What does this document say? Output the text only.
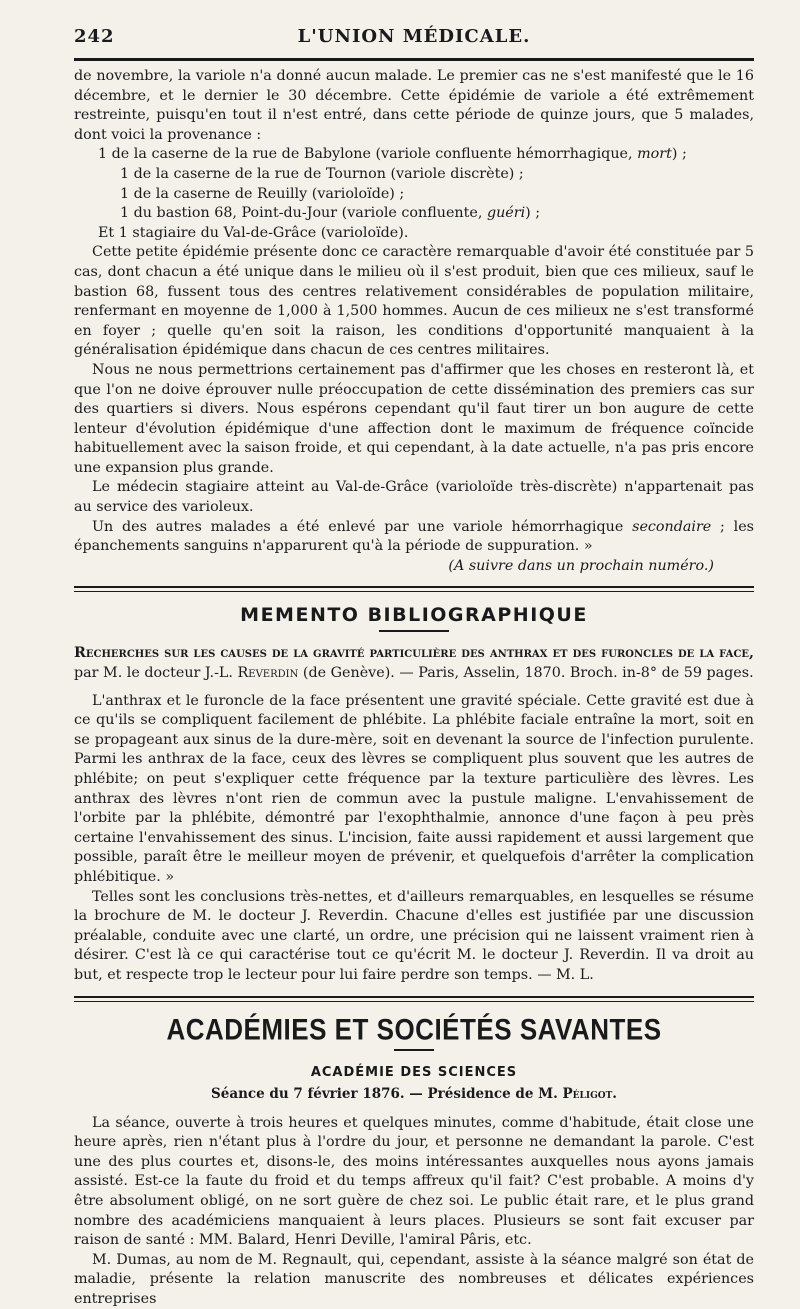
242	L'UNION MÉDICALE.

de novembre, la variole n'a donné aucun malade. Le premier cas ne s'est manifesté que le 16 décembre, et le dernier le 30 décembre. Cette épidémie de variole a été extrêmement restreinte, puisqu'en tout il n'est entré, dans cette période de quinze jours, que 5 malades, dont voici la provenance :

1 de la caserne de la rue de Babylone (variole confluente hémorrhagique, mort) ;

1 de la caserne de la rue de Tournon (variole discrète) ;

1 de la caserne de Reuilly (varioloïde) ;

1 du bastion 68, Point-du-Jour (variole confluente, guéri) ;

Et 1 stagiaire du Val-de-Grâce (varioloïde).

Cette petite épidémie présente donc ce caractère remarquable d'avoir été constituée par 5 cas, dont chacun a été unique dans le milieu où il s'est produit, bien que ces milieux, sauf le bastion 68, fussent tous des centres relativement considérables de population militaire, renfermant en moyenne de 1,000 à 1,500 hommes. Aucun de ces milieux ne s'est transformé en foyer ; quelle qu'en soit la raison, les conditions d'opportunité manquaient à la généralisation épidémique dans chacun de ces centres militaires.

Nous ne nous permettrions certainement pas d'affirmer que les choses en resteront là, et que l'on ne doive éprouver nulle préoccupation de cette dissémination des premiers cas sur des quartiers si divers. Nous espérons cependant qu'il faut tirer un bon augure de cette lenteur d'évolution épidémique d'une affection dont le maximum de fréquence coïncide habituellement avec la saison froide, et qui cependant, à la date actuelle, n'a pas pris encore une expansion plus grande.

Le médecin stagiaire atteint au Val-de-Grâce (varioloïde très-discrète) n'appartenait pas au service des varioleux.

Un des autres malades a été enlevé par une variole hémorrhagique secondaire ; les épanchements sanguins n'apparurent qu'à la période de suppuration. »

(A suivre dans un prochain numéro.)

MEMENTO BIBLIOGRAPHIQUE

Recherches sur les causes de la gravité particulière des anthrax et des furoncles de la face, par M. le docteur J.-L. Reverdin (de Genève). — Paris, Asselin, 1870. Broch. in-8° de 59 pages.

L'anthrax et le furoncle de la face présentent une gravité spéciale. Cette gravité est due à ce qu'ils se compliquent facilement de phlébite. La phlébite faciale entraîne la mort, soit en se propageant aux sinus de la dure-mère, soit en devenant la source de l'infection purulente. Parmi les anthrax de la face, ceux des lèvres se compliquent plus souvent que les autres de phlébite; on peut s'expliquer cette fréquence par la texture particulière des lèvres. Les anthrax des lèvres n'ont rien de commun avec la pustule maligne. L'envahissement de l'orbite par la phlébite, démontré par l'exophthalmie, annonce d'une façon à peu près certaine l'envahissement des sinus. L'incision, faite aussi rapidement et aussi largement que possible, paraît être le meilleur moyen de prévenir, et quelquefois d'arrêter la complication phlébitique. »

Telles sont les conclusions très-nettes, et d'ailleurs remarquables, en lesquelles se résume la brochure de M. le docteur J. Reverdin. Chacune d'elles est justifiée par une discussion préalable, conduite avec une clarté, un ordre, une précision qui ne laissent vraiment rien à désirer. C'est là ce qui caractérise tout ce qu'écrit M. le docteur J. Reverdin. Il va droit au but, et respecte trop le lecteur pour lui faire perdre son temps. — M. L.

ACADÉMIES ET SOCIÉTÉS SAVANTES
ACADÉMIE DES SCIENCES
Séance du 7 février 1876. — Présidence de M. Péligot.

La séance, ouverte à trois heures et quelques minutes, comme d'habitude, était close une heure après, rien n'étant plus à l'ordre du jour, et personne ne demandant la parole. C'est une des plus courtes et, disons-le, des moins intéressantes auxquelles nous ayons jamais assisté. Est-ce la faute du froid et du temps affreux qu'il fait? C'est probable. A moins d'y être absolument obligé, on ne sort guère de chez soi. Le public était rare, et le plus grand nombre des académiciens manquaient à leurs places. Plusieurs se sont fait excuser par raison de santé : MM. Balard, Henri Deville, l'amiral Pâris, etc.

M. Dumas, au nom de M. Regnault, qui, cependant, assiste à la séance malgré son état de maladie, présente la relation manuscrite des nombreuses et délicates expériences entreprises
